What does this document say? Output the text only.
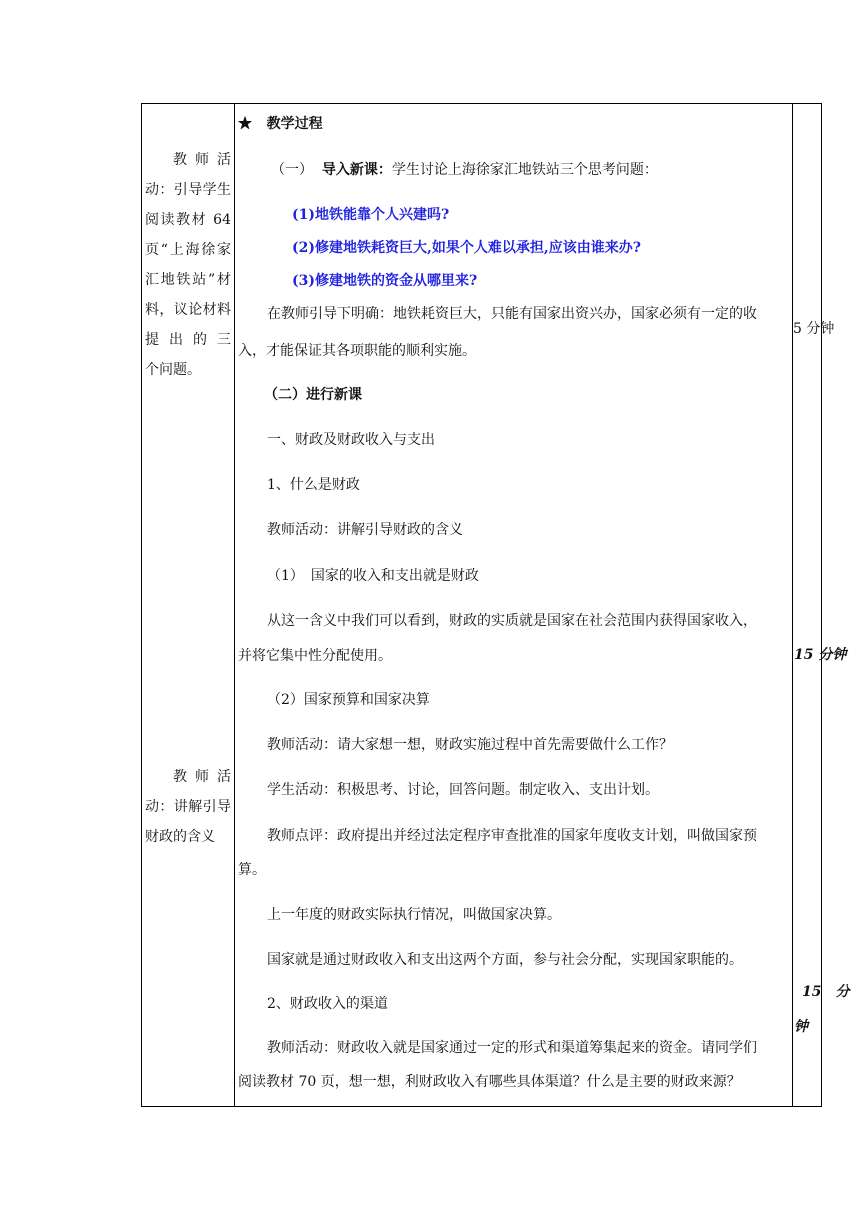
教 师 活动：引导学生阅读教材 64 页“上海徐家汇地铁站”材料，议论材料提 出 的 三 个问题。
教 师 活动：讲解引导财政的含义
★ 教学过程
（一） 导入新课：学生讨论上海徐家汇地铁站三个思考问题：
(1)地铁能靠个人兴建吗?
(2)修建地铁耗资巨大,如果个人难以承担,应该由谁来办?
(3)修建地铁的资金从哪里来?
在教师引导下明确：地铁耗资巨大，只能有国家出资兴办，国家必须有一定的收
入，才能保证其各项职能的顺利实施。
（二）进行新课
一、财政及财政收入与支出
1、什么是财政
教师活动：讲解引导财政的含义
（1）　国家的收入和支出就是财政
从这一含义中我们可以看到，财政的实质就是国家在社会范围内获得国家收入，
并将它集中性分配使用。
（2）国家预算和国家决算
教师活动：请大家想一想，财政实施过程中首先需要做什么工作？
学生活动：积极思考、讨论，回答问题。制定收入、支出计划。
教师点评：政府提出并经过法定程序审查批准的国家年度收支计划，叫做国家预
算。
上一年度的财政实际执行情况，叫做国家决算。
国家就是通过财政收入和支出这两个方面，参与社会分配，实现国家职能的。
2、财政收入的渠道
教师活动：财政收入就是国家通过一定的形式和渠道筹集起来的资金。请同学们
阅读教材 70 页，想一想，利财政收入有哪些具体渠道？什么是主要的财政来源？
5 分钟
15 分钟
15　分
钟
